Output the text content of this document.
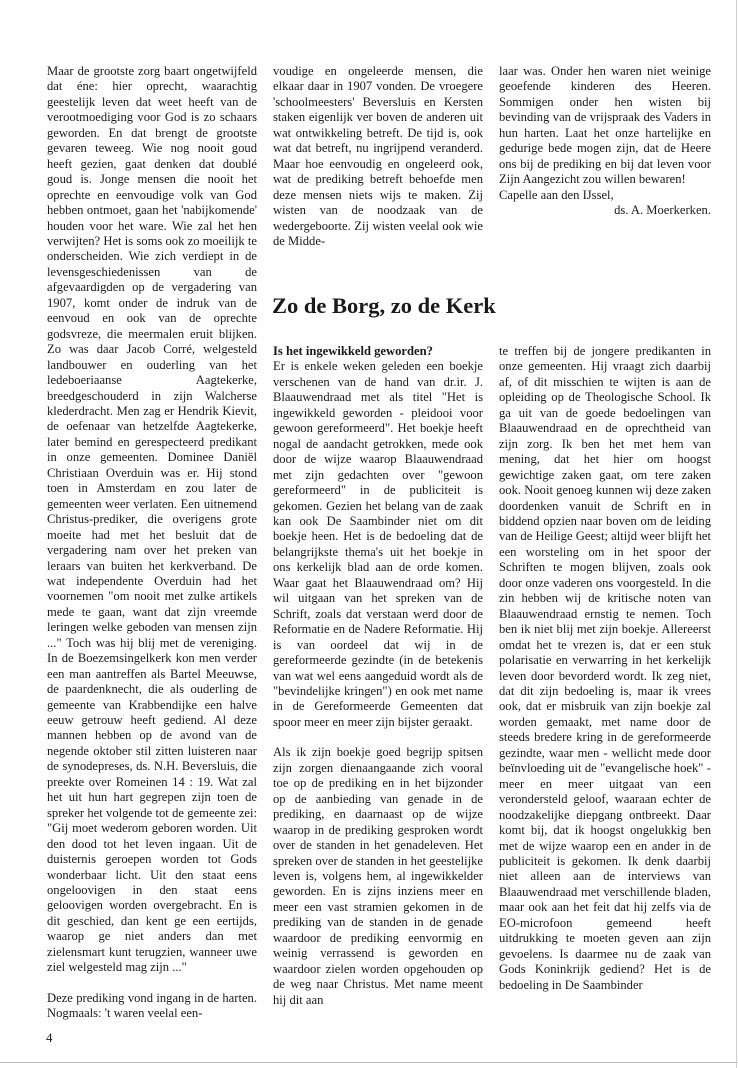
Maar de grootste zorg baart ongetwijfeld dat éne: hier oprecht, waarachtig geestelijk leven dat weet heeft van de verootmoediging voor God is zo schaars geworden. En dat brengt de grootste gevaren teweeg. Wie nog nooit goud heeft gezien, gaat denken dat doublé goud is. Jonge mensen die nooit het oprechte en eenvoudige volk van God hebben ontmoet, gaan het 'nabijkomende' houden voor het ware. Wie zal het hen verwijten? Het is soms ook zo moeilijk te onderscheiden. Wie zich verdiept in de levensgeschiedenissen van de afgevaardigden op de vergadering van 1907, komt onder de indruk van de eenvoud en ook van de oprechte godsvreze, die meermalen eruit blijken. Zo was daar Jacob Corré, welgesteld landbouwer en ouderling van het ledeboeriaanse Aagtekerke, breedgeschouderd in zijn Walcherse klederdracht. Men zag er Hendrik Kievit, de oefenaar van hetzelfde Aagtekerke, later bemind en gerespecteerd predikant in onze gemeenten. Dominee Daniël Christiaan Overduin was er. Hij stond toen in Amsterdam en zou later de gemeenten weer verlaten. Een uitnemend Christus-prediker, die overigens grote moeite had met het besluit dat de vergadering nam over het preken van leraars van buiten het kerkverband. De wat independente Overduin had het voornemen "om nooit met zulke artikels mede te gaan, want dat zijn vreemde leringen welke geboden van mensen zijn ..." Toch was hij blij met de vereniging. In de Boezemsingelkerk kon men verder een man aantreffen als Bartel Meeuwse, de paardenknecht, die als ouderling de gemeente van Krabbendijke een halve eeuw getrouw heeft gediend. Al deze mannen hebben op de avond van de negende oktober stil zitten luisteren naar de synodepreses, ds. N.H. Beversluis, die preekte over Romeinen 14 : 19. Wat zal het uit hun hart gegrepen zijn toen de spreker het volgende tot de gemeente zei: "Gij moet wederom geboren worden. Uit den dood tot het leven ingaan. Uit de duisternis geroepen worden tot Gods wonderbaar licht. Uit den staat eens ongeloovigen in den staat eens geloovigen worden overgebracht. En is dit geschied, dan kent ge een eertijds, waarop ge niet anders dan met zielensmart kunt terugzien, wanneer uwe ziel welgesteld mag zijn ..."

Deze prediking vond ingang in de harten. Nogmaals: 't waren veelal een-

voudige en ongeleerde mensen, die elkaar daar in 1907 vonden. De vroegere 'schoolmeesters' Beversluis en Kersten staken eigenlijk ver boven de anderen uit wat ontwikkeling betreft. De tijd is, ook wat dat betreft, nu ingrijpend veranderd. Maar hoe eenvoudig en ongeleerd ook, wat de prediking betreft behoefde men deze mensen niets wijs te maken. Zij wisten van de noodzaak van de wedergeboorte. Zij wisten veelal ook wie de Midde-

laar was. Onder hen waren niet weinige geoefende kinderen des Heeren. Sommigen onder hen wisten bij bevinding van de vrijspraak des Vaders in hun harten. Laat het onze hartelijke en gedurige bede mogen zijn, dat de Heere ons bij de prediking en bij dat leven voor Zijn Aangezicht zou willen bewaren!

Capelle aan den IJssel,

ds. A. Moerkerken.

Zo de Borg, zo de Kerk

Is het ingewikkeld geworden?

Er is enkele weken geleden een boekje verschenen van de hand van dr.ir. J. Blaauwendraad met als titel "Het is ingewikkeld geworden - pleidooi voor gewoon gereformeerd". Het boekje heeft nogal de aandacht getrokken, mede ook door de wijze waarop Blaauwendraad met zijn gedachten over "gewoon gereformeerd" in de publiciteit is gekomen. Gezien het belang van de zaak kan ook De Saambinder niet om dit boekje heen. Het is de bedoeling dat de belangrijkste thema's uit het boekje in ons kerkelijk blad aan de orde komen. Waar gaat het Blaauwendraad om? Hij wil uitgaan van het spreken van de Schrift, zoals dat verstaan werd door de Reformatie en de Nadere Reformatie. Hij is van oordeel dat wij in de gereformeerde gezindte (in de betekenis van wat wel eens aangeduid wordt als de "bevindelijke kringen") en ook met name in de Gereformeerde Gemeenten dat spoor meer en meer zijn bijster geraakt.

Als ik zijn boekje goed begrijp spitsen zijn zorgen dienaangaande zich vooral toe op de prediking en in het bijzonder op de aanbieding van genade in de prediking, en daarnaast op de wijze waarop in de prediking gesproken wordt over de standen in het genadeleven. Het spreken over de standen in het geestelijke leven is, volgens hem, al ingewikkelder geworden. En is zijns inziens meer en meer een vast stramien gekomen in de prediking van de standen in de genade waardoor de prediking eenvormig en weinig verrassend is geworden en waardoor zielen worden opgehouden op de weg naar Christus. Met name meent hij dit aan

te treffen bij de jongere predikanten in onze gemeenten. Hij vraagt zich daarbij af, of dit misschien te wijten is aan de opleiding op de Theologische School. Ik ga uit van de goede bedoelingen van Blaauwendraad en de oprechtheid van zijn zorg. Ik ben het met hem van mening, dat het hier om hoogst gewichtige zaken gaat, om tere zaken ook. Nooit genoeg kunnen wij deze zaken doordenken vanuit de Schrift en in biddend opzien naar boven om de leiding van de Heilige Geest; altijd weer blijft het een worsteling om in het spoor der Schriften te mogen blijven, zoals ook door onze vaderen ons voorgesteld. In die zin hebben wij de kritische noten van Blaauwendraad ernstig te nemen. Toch ben ik niet blij met zijn boekje. Allereerst omdat het te vrezen is, dat er een stuk polarisatie en verwarring in het kerkelijk leven door bevorderd wordt. Ik zeg niet, dat dit zijn bedoeling is, maar ik vrees ook, dat er misbruik van zijn boekje zal worden gemaakt, met name door de steeds bredere kring in de gereformeerde gezindte, waar men - wellicht mede door beïnvloeding uit de "evangelische hoek" - meer en meer uitgaat van een verondersteld geloof, waaraan echter de noodzakelijke diepgang ontbreekt. Daar komt bij, dat ik hoogst ongelukkig ben met de wijze waarop een en ander in de publiciteit is gekomen. Ik denk daarbij niet alleen aan de interviews van Blaauwendraad met verschillende bladen, maar ook aan het feit dat hij zelfs via de EO-microfoon gemeend heeft uitdrukking te moeten geven aan zijn gevoelens. Is daarmee nu de zaak van Gods Koninkrijk gediend? Het is de bedoeling in De Saambinder

4
